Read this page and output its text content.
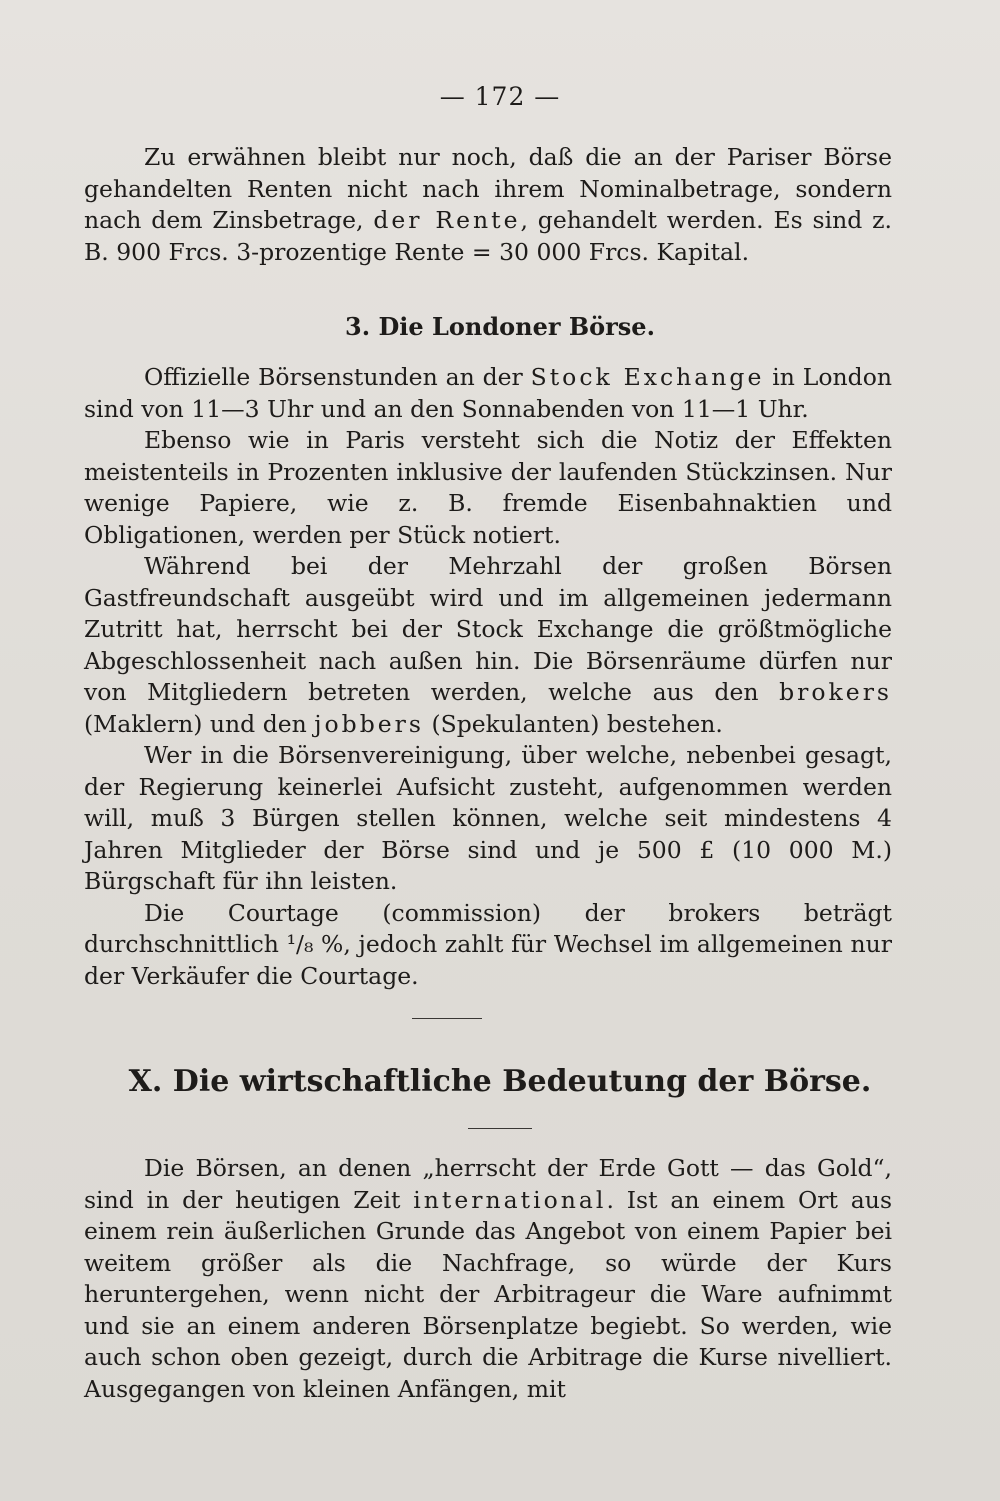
— 172 —

Zu erwähnen bleibt nur noch, daß die an der Pariser Börse gehandelten Renten nicht nach ihrem Nominalbetrage, sondern nach dem Zinsbetrage, der Rente, gehandelt werden. Es sind z. B. 900 Frcs. 3-prozentige Rente = 30 000 Frcs. Kapital.

3. Die Londoner Börse.

Offizielle Börsenstunden an der Stock Exchange in London sind von 11—3 Uhr und an den Sonnabenden von 11—1 Uhr.

Ebenso wie in Paris versteht sich die Notiz der Effekten meistenteils in Prozenten inklusive der laufenden Stückzinsen. Nur wenige Papiere, wie z. B. fremde Eisenbahnaktien und Obligationen, werden per Stück notiert.

Während bei der Mehrzahl der großen Börsen Gastfreundschaft ausgeübt wird und im allgemeinen jedermann Zutritt hat, herrscht bei der Stock Exchange die größtmögliche Abgeschlossenheit nach außen hin. Die Börsenräume dürfen nur von Mitgliedern betreten werden, welche aus den brokers (Maklern) und den jobbers (Spekulanten) bestehen.

Wer in die Börsenvereinigung, über welche, nebenbei gesagt, der Regierung keinerlei Aufsicht zusteht, aufgenommen werden will, muß 3 Bürgen stellen können, welche seit mindestens 4 Jahren Mitglieder der Börse sind und je 500 £ (10 000 M.) Bürgschaft für ihn leisten.

Die Courtage (commission) der brokers beträgt durchschnittlich ¹/₈ %, jedoch zahlt für Wechsel im allgemeinen nur der Verkäufer die Courtage.

X. Die wirtschaftliche Bedeutung der Börse.

Die Börsen, an denen „herrscht der Erde Gott — das Gold“, sind in der heutigen Zeit international. Ist an einem Ort aus einem rein äußerlichen Grunde das Angebot von einem Papier bei weitem größer als die Nachfrage, so würde der Kurs heruntergehen, wenn nicht der Arbitrageur die Ware aufnimmt und sie an einem anderen Börsenplatze begiebt. So werden, wie auch schon oben gezeigt, durch die Arbitrage die Kurse nivelliert. Ausgegangen von kleinen Anfängen, mit
